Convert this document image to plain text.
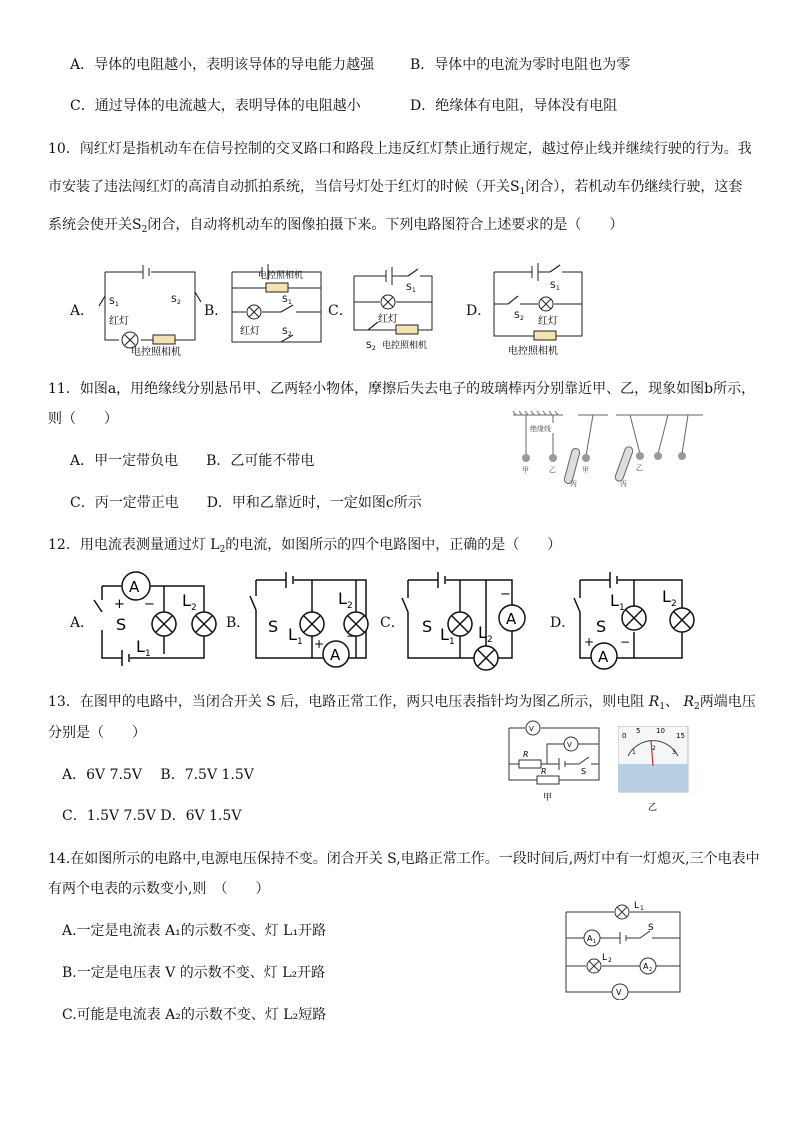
A．导体的电阻越小，表明该导体的导电能力越强	B．导体中的电流为零时电阻也为零
C．通过导体的电流越大，表明导体的电阻越小	D．绝缘体有电阻，导体没有电阻
10．闯红灯是指机动车在信号控制的交叉路口和路段上违反红灯禁止通行规定，越过停止线并继续行驶的行为。我
市安装了违法闯红灯的高清自动抓拍系统，当信号灯处于红灯的时候（开关$S_1$闭合），若机动车仍继续行驶，这套
系统会使开关$S_2$闭合，自动将机动车的图像拍摄下来。下列电路图符合上述要求的是（　　）
A．	B．	C．	D．
S 1	S 2
红灯
电控照相机
电控照相机
S 1
红灯 S 2
S 1
红灯
S 2 电控照相机
S 1
S 2 红灯
电控照相机
11．如图a，用绝缘线分别悬吊甲、乙两轻小物体，摩擦后失去电子的玻璃棒丙分别靠近甲、乙，现象如图b所示，
则（　　）
A．甲一定带负电　　B．乙可能不带电
C．丙一定带正电　　D．甲和乙靠近时，一定如图c所示
绝缘线
甲	乙	甲
丙
乙
丙
12．用电流表测量通过灯 $L_2$的电流，如图所示的四个电路图中，正确的是（　　）
A．	B．	C．	D．
A
+ −
S
L 2
L 1	A
S L 1
L 2
+
−
A
−
S L 1 L 2
A
+ −
S
L 1
L 2
13．在图甲的电路中，当闭合开关 S 后，电路正常工作，两只电压表指针均为图乙所示，则电阻 $R_1$、 $R_2$两端电压
分别是（　　）
A．6V 7.5V　 B．7.5V 1.5V
C．1.5V 7.5V D．6V 1.5V
V
V
R
S
R
甲
0
5 10
15
1
2
3
乙
14.在如图所示的电路中,电源电压保持不变。闭合开关 S,电路正常工作。一段时间后,两灯中有一灯熄灭,三个电表中
有两个电表的示数变小,则　（　　）
A.一定是电流表 A₁的示数不变、灯 L₁开路
B.一定是电压表 V 的示数不变、灯 L₂开路
C.可能是电流表 A₂的示数不变、灯 L₂短路
L 1
A 1
S
L 2
A 2
V
